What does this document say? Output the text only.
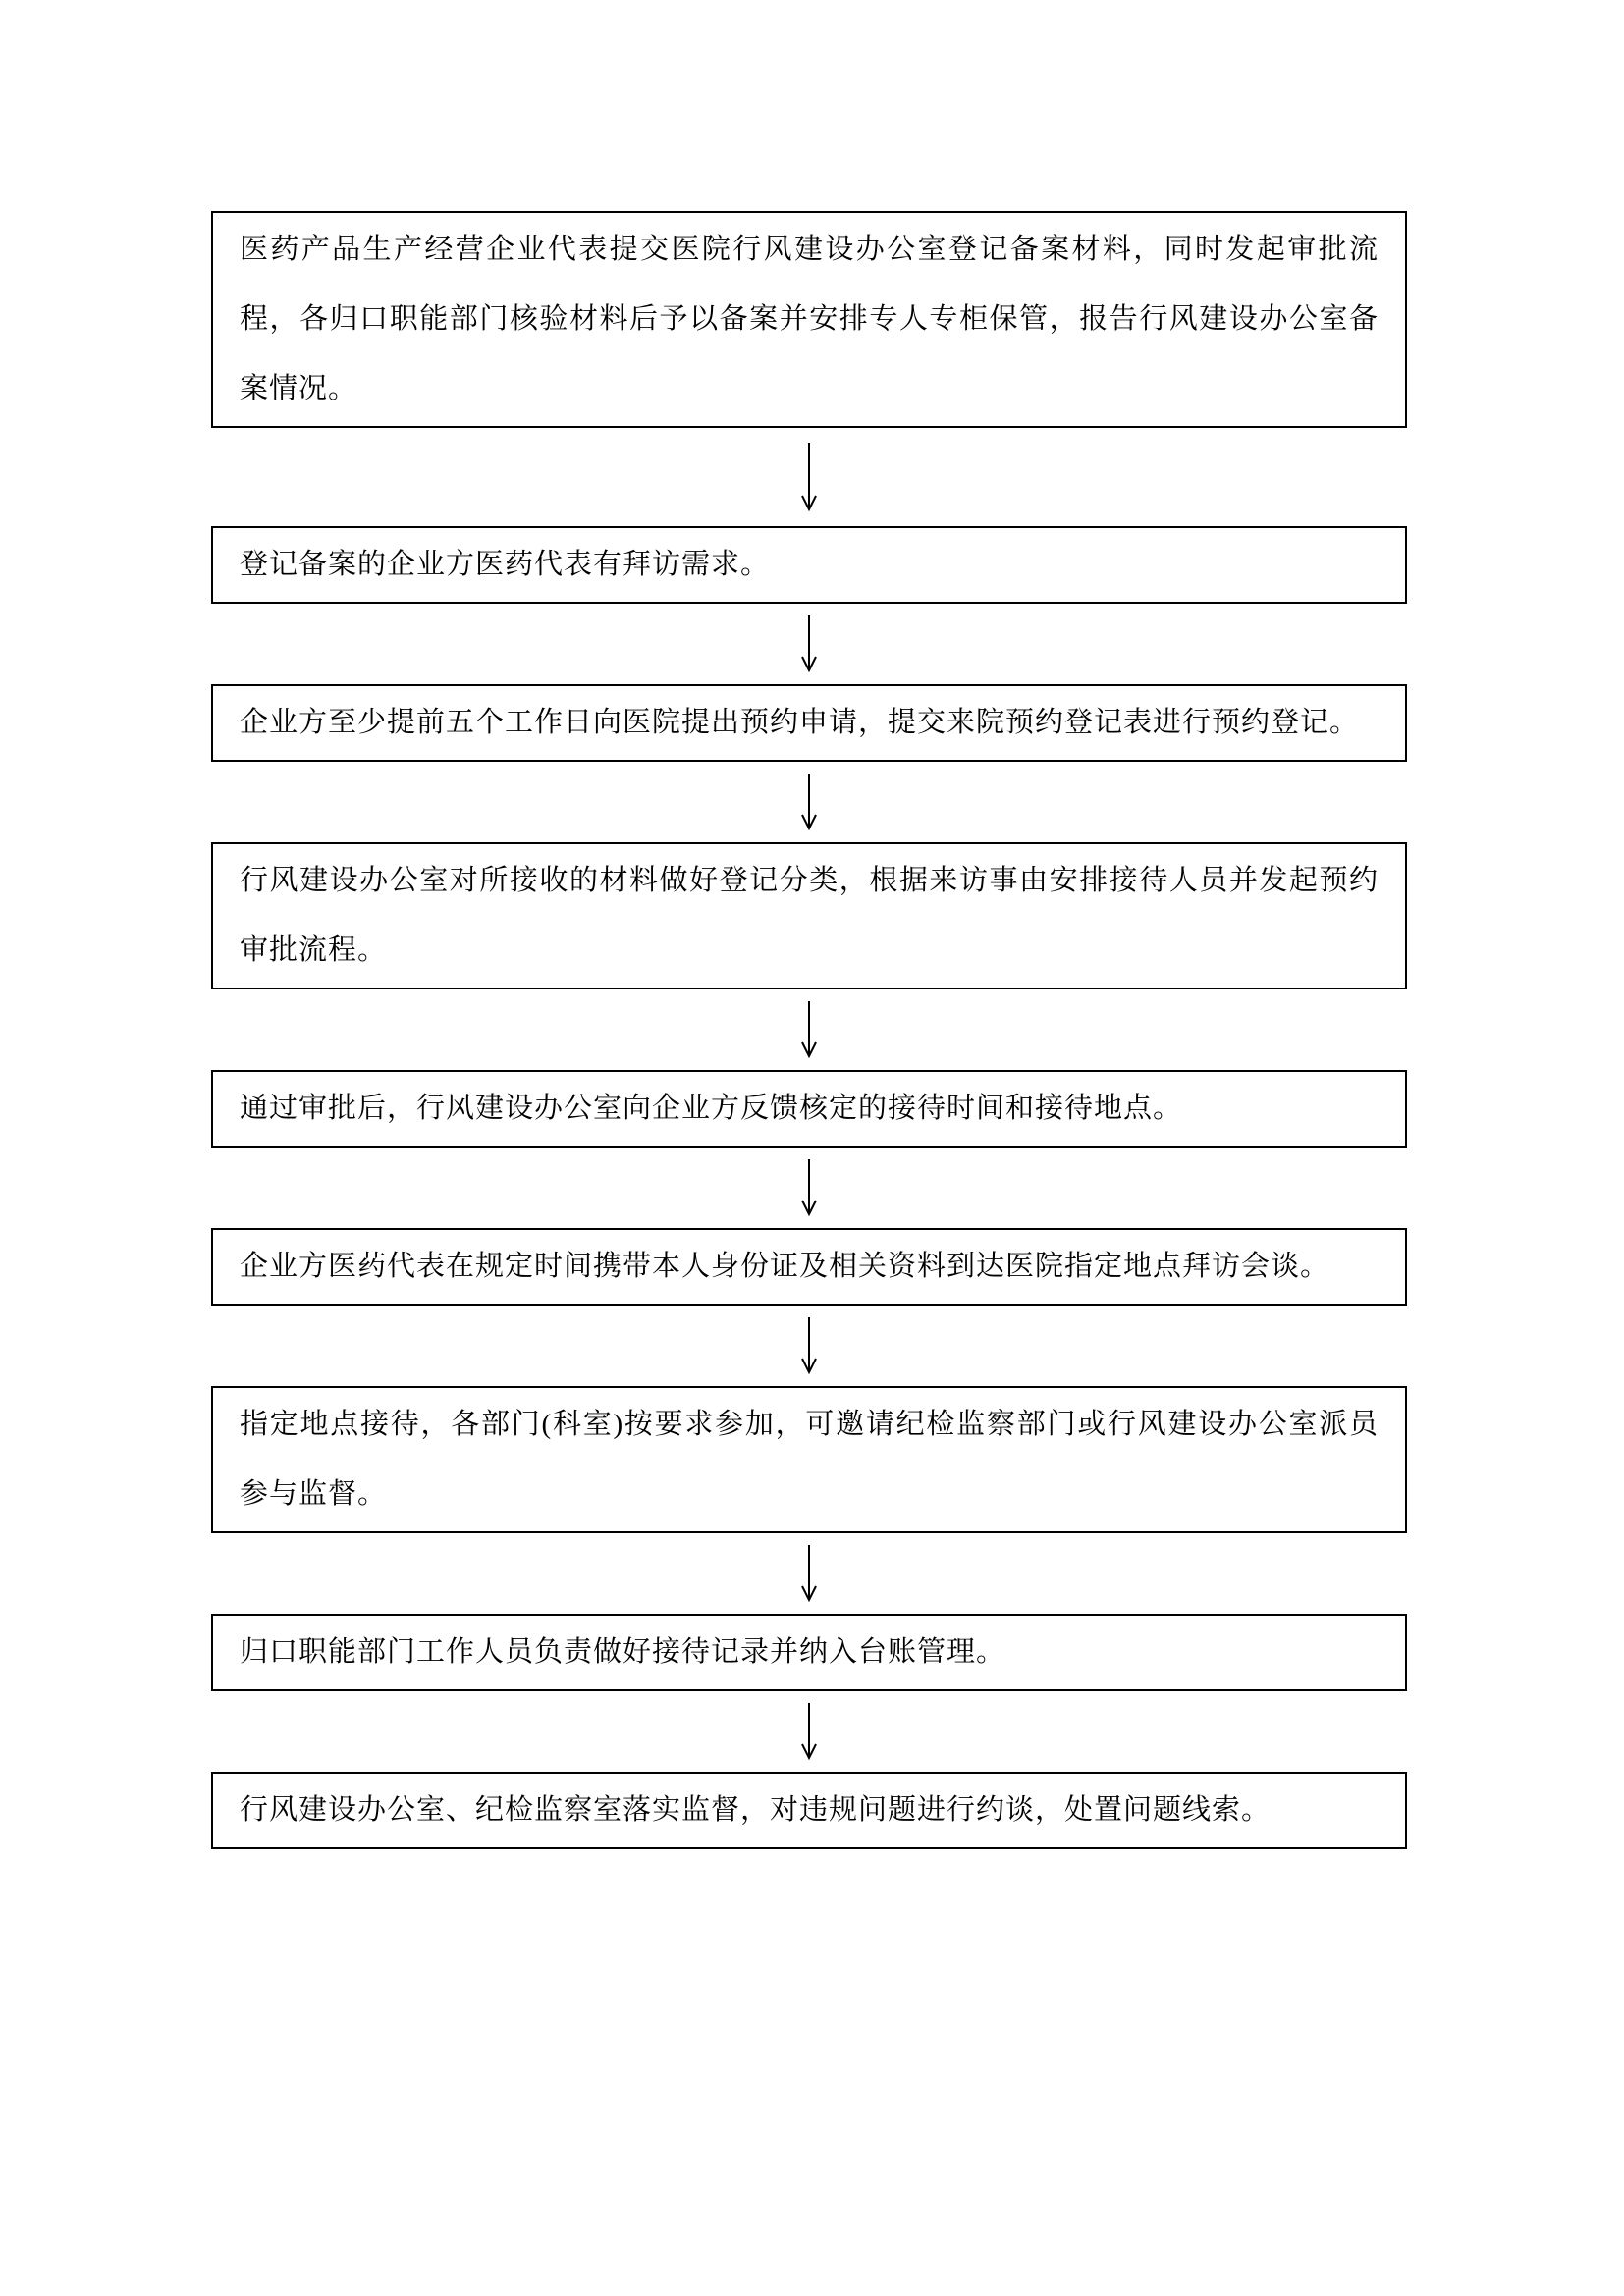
医药产品生产经营企业代表提交医院行风建设办公室登记备案材料，同时发起审批流程，各归口职能部门核验材料后予以备案并安排专人专柜保管，报告行风建设办公室备案情况。
登记备案的企业方医药代表有拜访需求。
企业方至少提前五个工作日向医院提出预约申请，提交来院预约登记表进行预约登记。
行风建设办公室对所接收的材料做好登记分类，根据来访事由安排接待人员并发起预约审批流程。
通过审批后，行风建设办公室向企业方反馈核定的接待时间和接待地点。
企业方医药代表在规定时间携带本人身份证及相关资料到达医院指定地点拜访会谈。
指定地点接待，各部门(科室)按要求参加，可邀请纪检监察部门或行风建设办公室派员参与监督。
归口职能部门工作人员负责做好接待记录并纳入台账管理。
行风建设办公室、纪检监察室落实监督，对违规问题进行约谈，处置问题线索。
